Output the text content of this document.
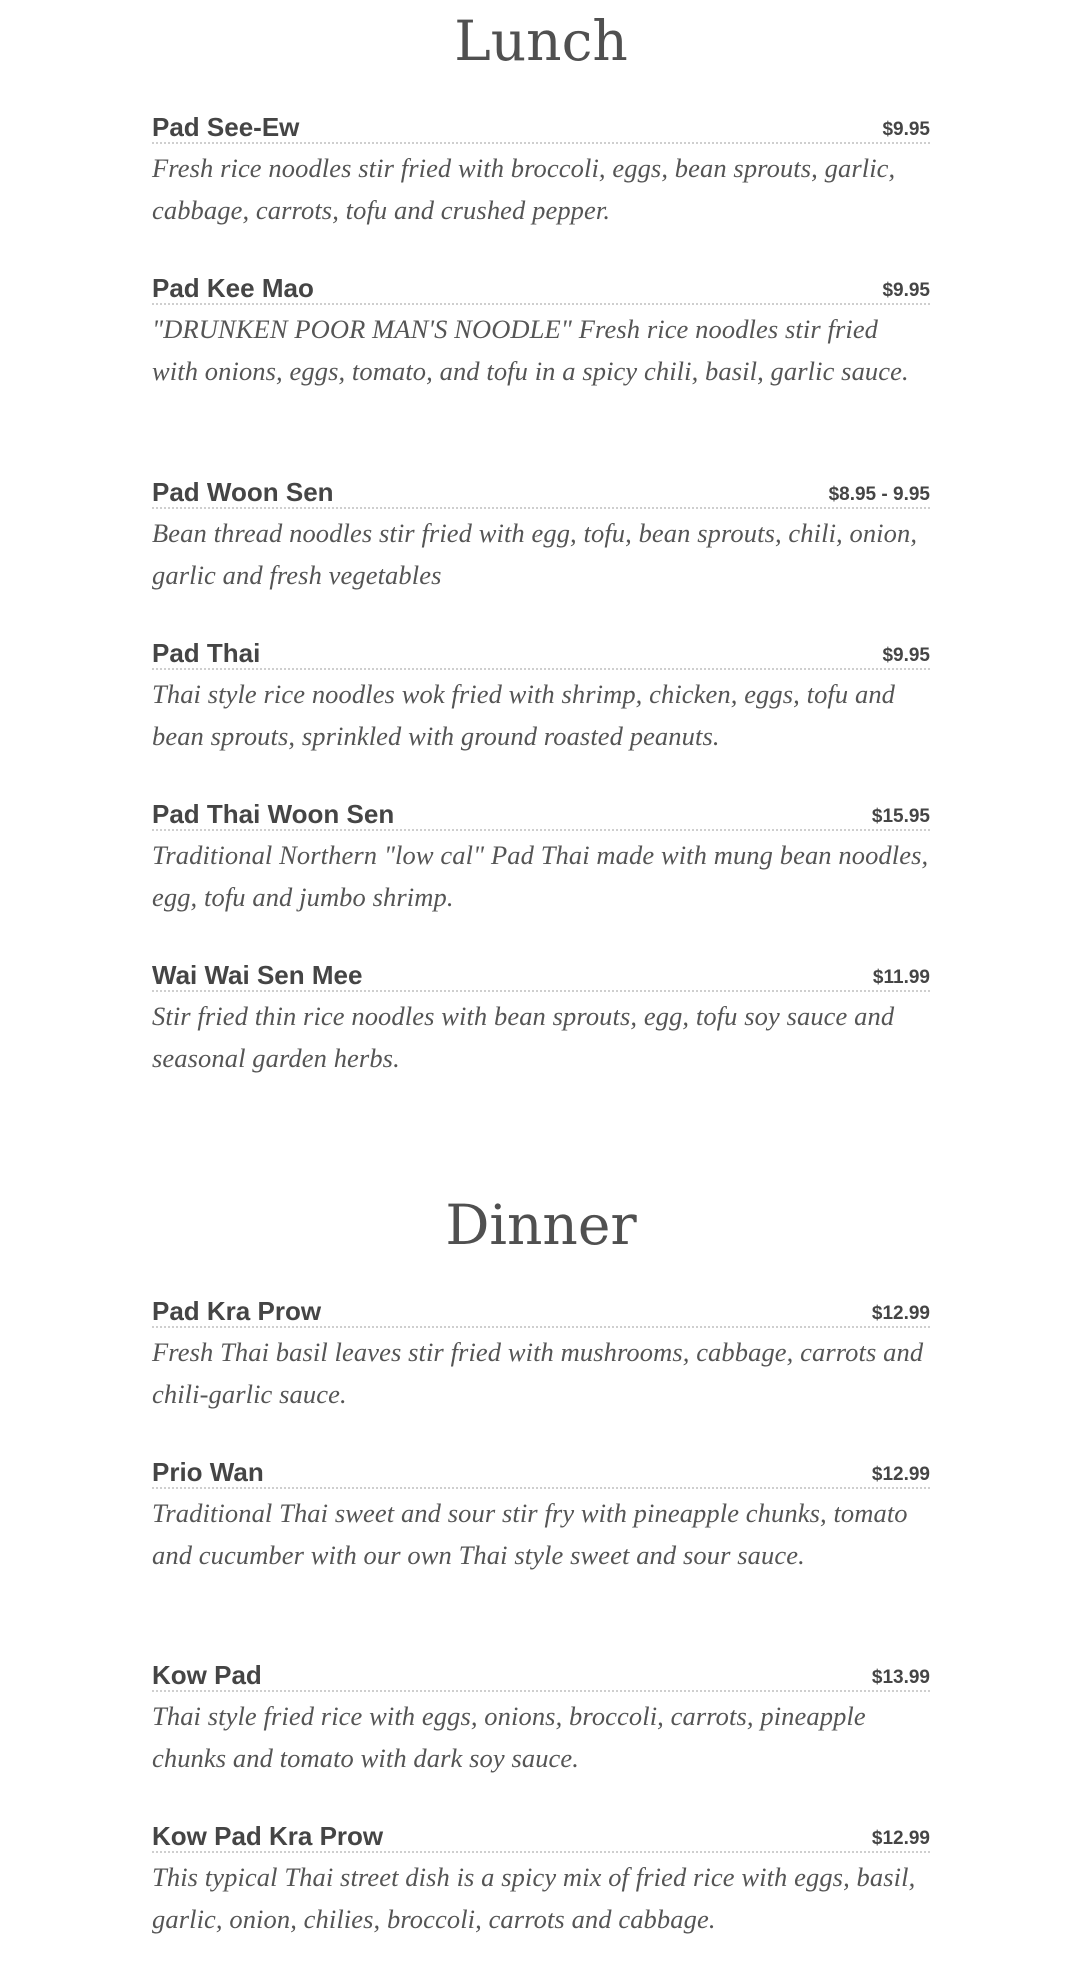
Lunch
Pad See-Ew	$9.95
Fresh rice noodles stir fried with broccoli, eggs, bean sprouts, garlic, cabbage, carrots, tofu and crushed pepper.
Pad Kee Mao	$9.95
"DRUNKEN POOR MAN'S NOODLE" Fresh rice noodles stir fried with onions, eggs, tomato, and tofu in a spicy chili, basil, garlic sauce.
Pad Woon Sen	$8.95 - 9.95
Bean thread noodles stir fried with egg, tofu, bean sprouts, chili, onion, garlic and fresh vegetables
Pad Thai	$9.95
Thai style rice noodles wok fried with shrimp, chicken, eggs, tofu and bean sprouts, sprinkled with ground roasted peanuts.
Pad Thai Woon Sen	$15.95
Traditional Northern "low cal" Pad Thai made with mung bean noodles, egg, tofu and jumbo shrimp.
Wai Wai Sen Mee	$11.99
Stir fried thin rice noodles with bean sprouts, egg, tofu soy sauce and seasonal garden herbs.
Dinner
Pad Kra Prow	$12.99
Fresh Thai basil leaves stir fried with mushrooms, cabbage, carrots and chili-garlic sauce.
Prio Wan	$12.99
Traditional Thai sweet and sour stir fry with pineapple chunks, tomato and cucumber with our own Thai style sweet and sour sauce.
Kow Pad	$13.99
Thai style fried rice with eggs, onions, broccoli, carrots, pineapple chunks and tomato with dark soy sauce.
Kow Pad Kra Prow	$12.99
This typical Thai street dish is a spicy mix of fried rice with eggs, basil, garlic, onion, chilies, broccoli, carrots and cabbage.
